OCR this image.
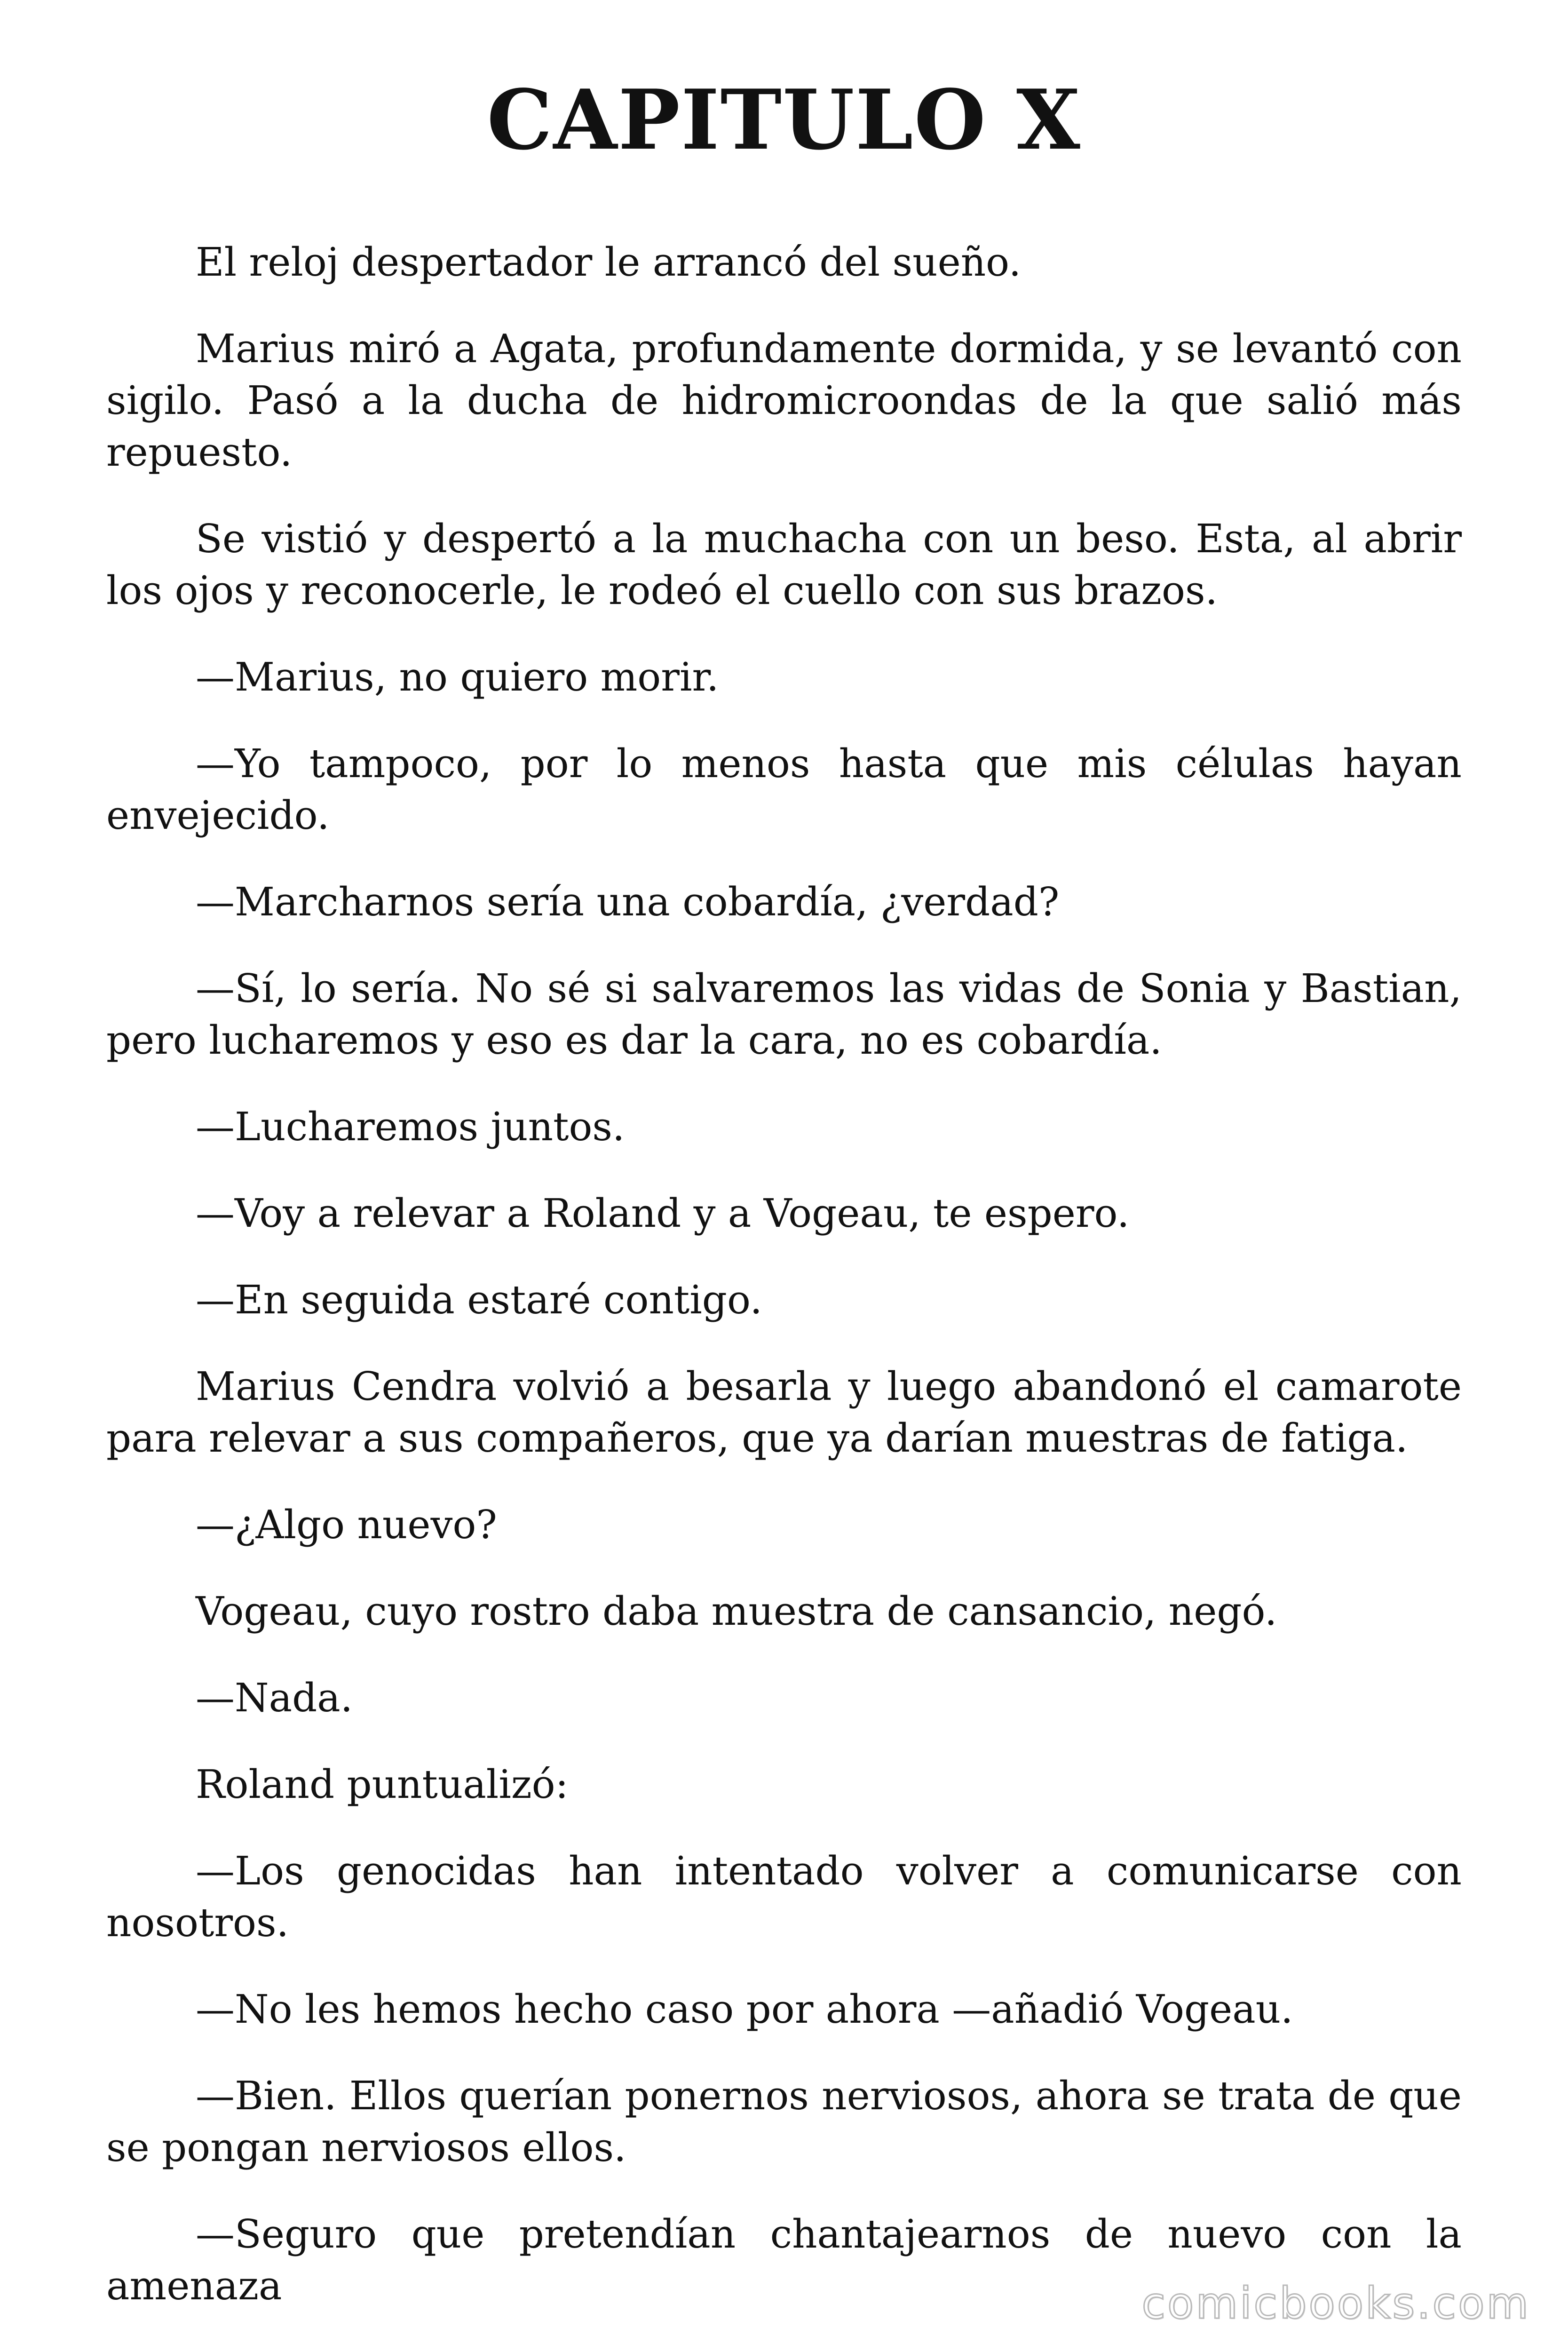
CAPITULO X

El reloj despertador le arrancó del sueño.

Marius miró a Agata, profundamente dormida, y se levantó con sigilo. Pasó a la ducha de hidromicroondas de la que salió más repuesto.

Se vistió y despertó a la muchacha con un beso. Esta, al abrir los ojos y reconocerle, le rodeó el cuello con sus brazos.

—Marius, no quiero morir.

—Yo tampoco, por lo menos hasta que mis células hayan envejecido.

—Marcharnos sería una cobardía, ¿verdad?

—Sí, lo sería. No sé si salvaremos las vidas de Sonia y Bastian, pero lucharemos y eso es dar la cara, no es cobardía.

—Lucharemos juntos.

—Voy a relevar a Roland y a Vogeau, te espero.

—En seguida estaré contigo.

Marius Cendra volvió a besarla y luego abandonó el camarote para relevar a sus compañeros, que ya darían muestras de fatiga.

—¿Algo nuevo?

Vogeau, cuyo rostro daba muestra de cansancio, negó.

—Nada.

Roland puntualizó:

—Los genocidas han intentado volver a comunicarse con nosotros.

—No les hemos hecho caso por ahora —añadió Vogeau.

—Bien. Ellos querían ponernos nerviosos, ahora se trata de que se pongan nerviosos ellos.

—Seguro que pretendían chantajearnos de nuevo con la amenaza	comicbooks.com
